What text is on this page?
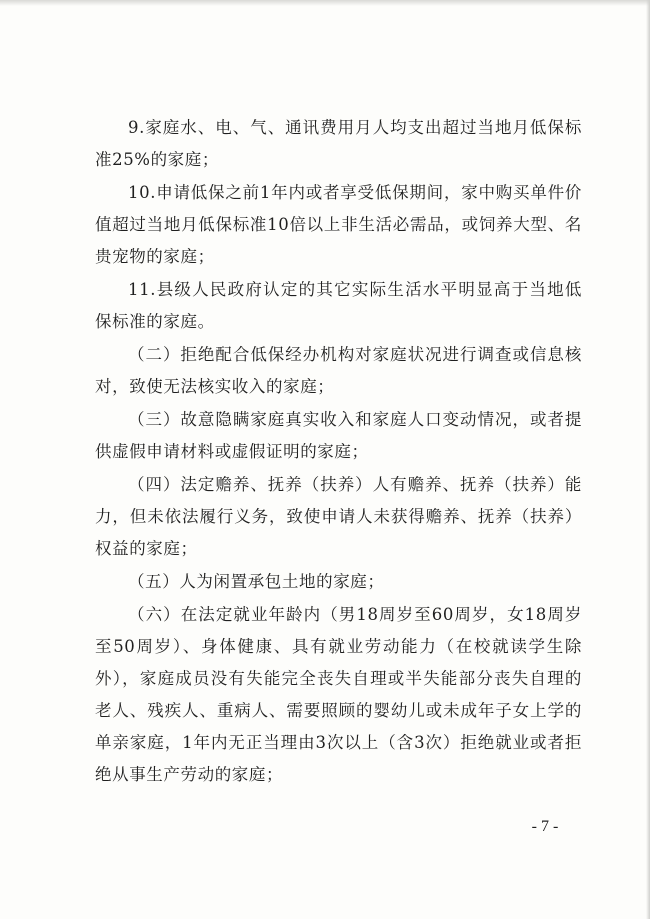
9.家庭水、电、气、通讯费用月人均支出超过当地月低保标准25%的家庭；

10.申请低保之前1年内或者享受低保期间，家中购买单件价值超过当地月低保标准10倍以上非生活必需品，或饲养大型、名贵宠物的家庭；

11.县级人民政府认定的其它实际生活水平明显高于当地低保标准的家庭。

（二）拒绝配合低保经办机构对家庭状况进行调查或信息核对，致使无法核实收入的家庭；

（三）故意隐瞒家庭真实收入和家庭人口变动情况，或者提供虚假申请材料或虚假证明的家庭；

（四）法定赡养、抚养（扶养）人有赡养、抚养（扶养）能力，但未依法履行义务，致使申请人未获得赡养、抚养（扶养）权益的家庭；

（五）人为闲置承包土地的家庭；

（六）在法定就业年龄内（男18周岁至60周岁，女18周岁至50周岁）、身体健康、具有就业劳动能力（在校就读学生除外），家庭成员没有失能完全丧失自理或半失能部分丧失自理的老人、残疾人、重病人、需要照顾的婴幼儿或未成年子女上学的单亲家庭，1年内无正当理由3次以上（含3次）拒绝就业或者拒绝从事生产劳动的家庭；

- 7 -
